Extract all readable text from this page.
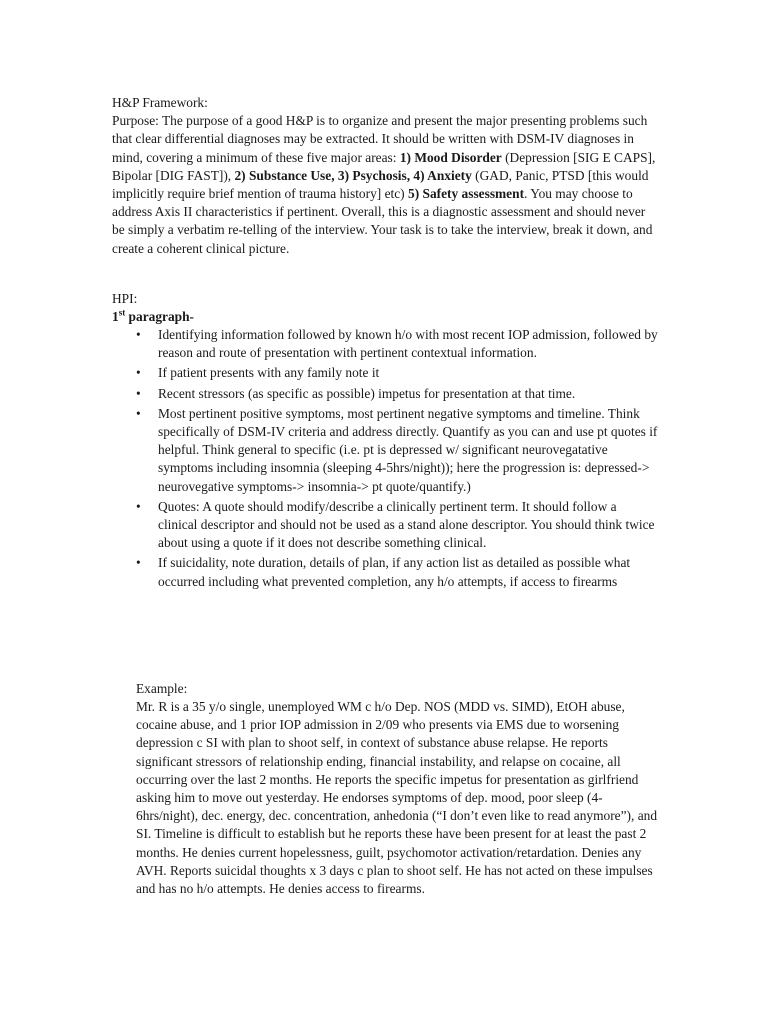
H&P Framework:

Purpose: The purpose of a good H&P is to organize and present the major presenting problems such that clear differential diagnoses may be extracted. It should be written with DSM-IV diagnoses in mind, covering a minimum of these five major areas: 1) Mood Disorder (Depression [SIG E CAPS], Bipolar [DIG FAST]), 2) Substance Use, 3) Psychosis, 4) Anxiety (GAD, Panic, PTSD [this would implicitly require brief mention of trauma history] etc) 5) Safety assessment. You may choose to address Axis II characteristics if pertinent. Overall, this is a diagnostic assessment and should never be simply a verbatim re-telling of the interview. Your task is to take the interview, break it down, and create a coherent clinical picture.

HPI:

1st paragraph-

• Identifying information followed by known h/o with most recent IOP admission, followed by reason and route of presentation with pertinent contextual information.
• If patient presents with any family note it
• Recent stressors (as specific as possible) impetus for presentation at that time.
• Most pertinent positive symptoms, most pertinent negative symptoms and timeline. Think specifically of DSM-IV criteria and address directly. Quantify as you can and use pt quotes if helpful. Think general to specific (i.e. pt is depressed w/ significant neurovegatative symptoms including insomnia (sleeping 4-5hrs/night)); here the progression is: depressed-> neurovegative symptoms-> insomnia-> pt quote/quantify.)
• Quotes: A quote should modify/describe a clinically pertinent term. It should follow a clinical descriptor and should not be used as a stand alone descriptor. You should think twice about using a quote if it does not describe something clinical.
• If suicidality, note duration, details of plan, if any action list as detailed as possible what occurred including what prevented completion, any h/o attempts, if access to firearms

Example:

Mr. R is a 35 y/o single, unemployed WM c h/o Dep. NOS (MDD vs. SIMD), EtOH abuse, cocaine abuse, and 1 prior IOP admission in 2/09 who presents via EMS due to worsening depression c SI with plan to shoot self, in context of substance abuse relapse. He reports significant stressors of relationship ending, financial instability, and relapse on cocaine, all occurring over the last 2 months. He reports the specific impetus for presentation as girlfriend asking him to move out yesterday. He endorses symptoms of dep. mood, poor sleep (4-6hrs/night), dec. energy, dec. concentration, anhedonia (“I don’t even like to read anymore”), and SI. Timeline is difficult to establish but he reports these have been present for at least the past 2 months. He denies current hopelessness, guilt, psychomotor activation/retardation. Denies any AVH. Reports suicidal thoughts x 3 days c plan to shoot self. He has not acted on these impulses and has no h/o attempts. He denies access to firearms.
